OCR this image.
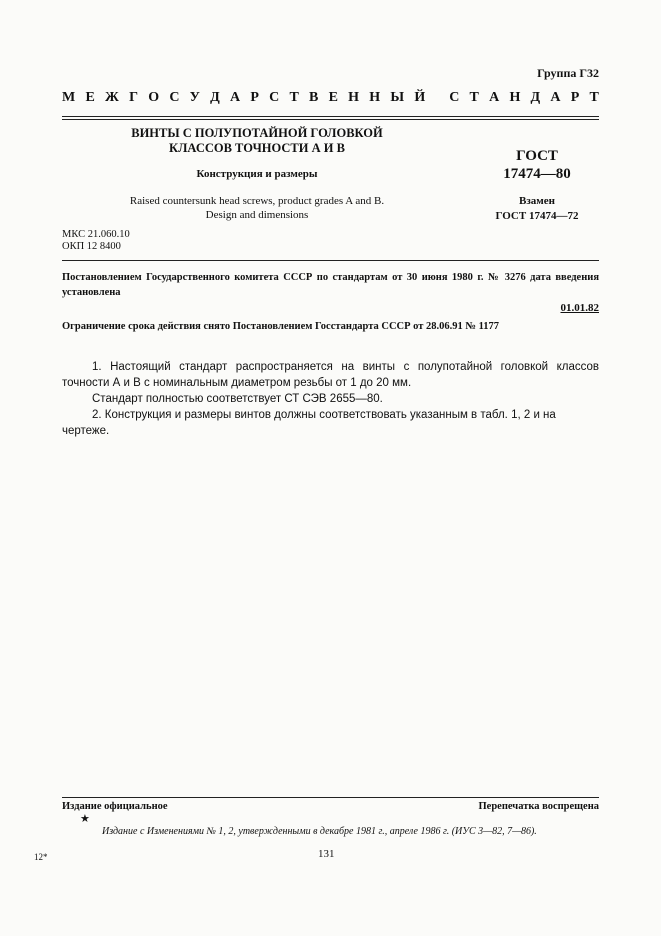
Группа Г32
М Е Ж Г О С У Д А Р С Т В Е Н Н Ы Й
С Т А Н Д А Р Т
ВИНТЫ С ПОЛУПОТАЙНОЙ ГОЛОВКОЙ
КЛАССОВ ТОЧНОСТИ А И В
Конструкция и размеры
Raised countersunk head screws, product grades A and B.
Design and dimensions
МКС 21.060.10
ОКП 12 8400
ГОСТ
17474—80
Взамен
ГОСТ 17474—72
Постановлением Государственного комитета СССР по стандартам от 30 июня 1980 г. № 3276 дата введения установлена
01.01.82
Ограничение срока действия снято Постановлением Госстандарта СССР от 28.06.91 № 1177

1. Настоящий стандарт распространяется на винты с полупотайной головкой классов точности А и В с номинальным диаметром резьбы от 1 до 20 мм.

Стандарт полностью соответствует СТ СЭВ 2655—80.

2. Конструкция и размеры винтов должны соответствовать указанным в табл. 1, 2 и на чертеже.

Издание официальное	Перепечатка воспрещена
★
Издание с Изменениями № 1, 2, утвержденными в декабре 1981 г., апреле 1986 г. (ИУС 3—82, 7—86).
12*	131
